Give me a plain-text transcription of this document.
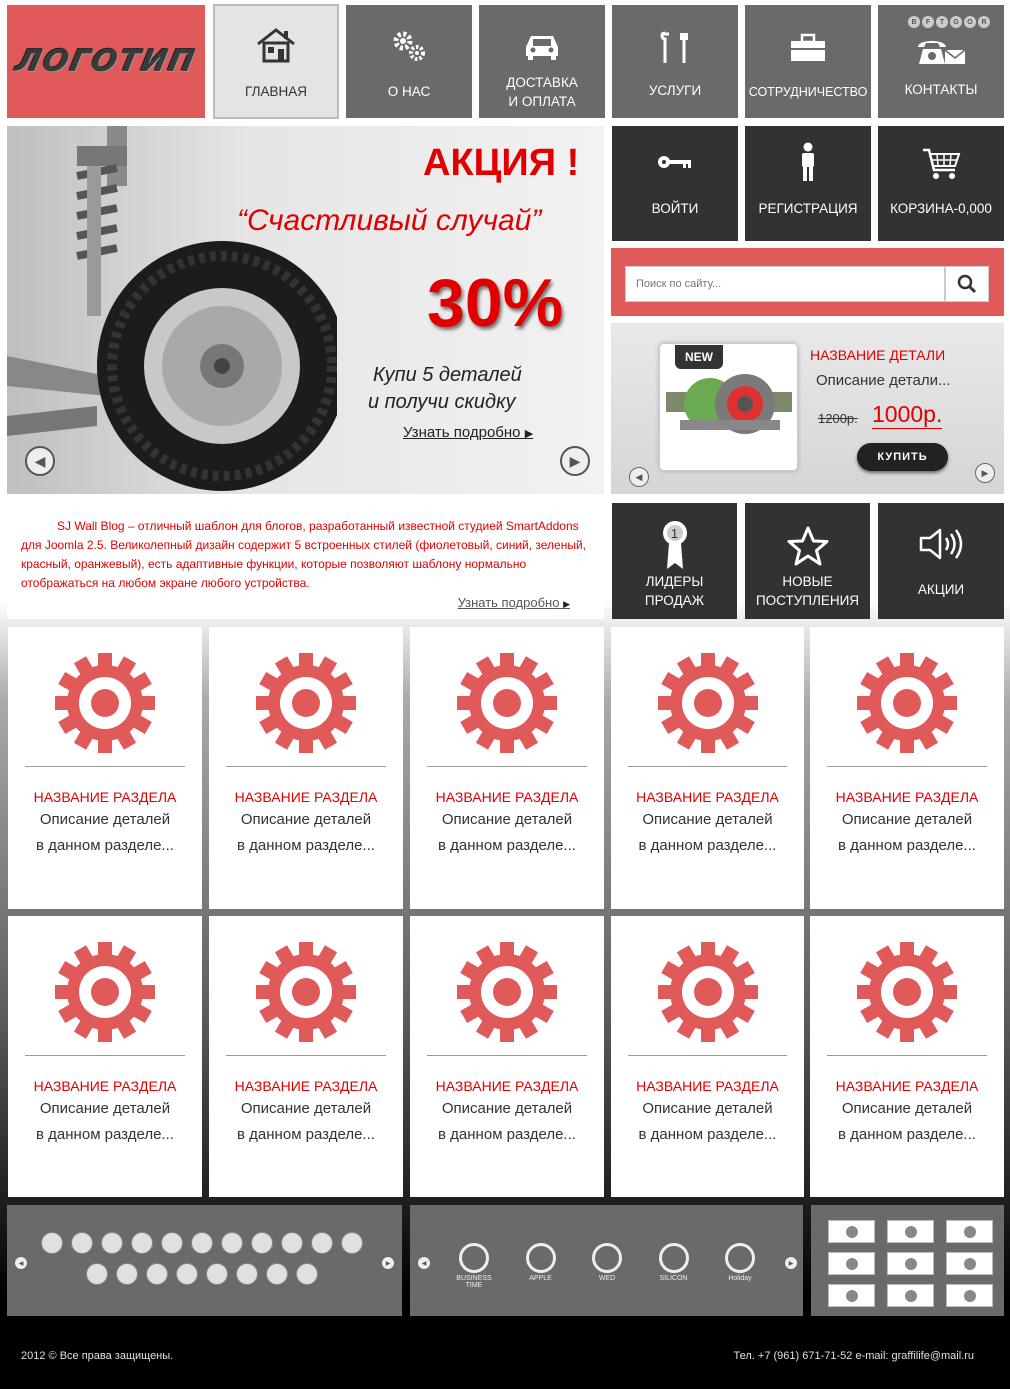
ЛОГОТИП
ГЛАВНАЯ	О НАС
ДОСТАВКА
И ОПЛАТА
УСЛУГИ	СОТРУДНИЧЕСТВО
В	F	T	G	О	R
КОНТАКТЫ
АКЦИЯ !
“Счастливый случай”
30%
Купи 5 деталей
и получи скидку
Узнать подробно ▶
◀	▶
ВОЙТИ	РЕГИСТРАЦИЯ КОРЗИНА-0,000
Поиск по сайту...
NEW	НАЗВАНИЕ ДЕТАЛИ
Описание детали...
1200р. 1000р.
КУПИТЬ
◀	▶

SJ Wall Blog – отличный шаблон для блогов, разработанный известной студией SmartAddons для Joomla 2.5. Великолепный дизайн содержит 5 встроенных стилей (фиолетовый, синий, зеленый, красный, оранжевый), есть адаптивные функции, которые позволяют шаблону нормально отображаться на любом экране любого устройства.

Узнать подробно ▶
1
ЛИДЕРЫ
ПРОДАЖ
НОВЫЕ
ПОСТУПЛЕНИЯ
АКЦИИ
НАЗВАНИЕ РАЗДЕЛА
Описание деталей
в данном разделе...
НАЗВАНИЕ РАЗДЕЛА
Описание деталей
в данном разделе...
НАЗВАНИЕ РАЗДЕЛА
Описание деталей
в данном разделе...
НАЗВАНИЕ РАЗДЕЛА
Описание деталей
в данном разделе...
НАЗВАНИЕ РАЗДЕЛА
Описание деталей
в данном разделе...
НАЗВАНИЕ РАЗДЕЛА
Описание деталей
в данном разделе...
НАЗВАНИЕ РАЗДЕЛА
Описание деталей
в данном разделе...
НАЗВАНИЕ РАЗДЕЛА
Описание деталей
в данном разделе...
НАЗВАНИЕ РАЗДЕЛА
Описание деталей
в данном разделе...
НАЗВАНИЕ РАЗДЕЛА
Описание деталей
в данном разделе...
◀	▶	◀	▶
BUSINESS TIME
APPLE	WED	SILICON	Holiday
2012 © Все права защищены.	Тел. +7 (961) 671-71-52 e-mail: graffilife@mail.ru
